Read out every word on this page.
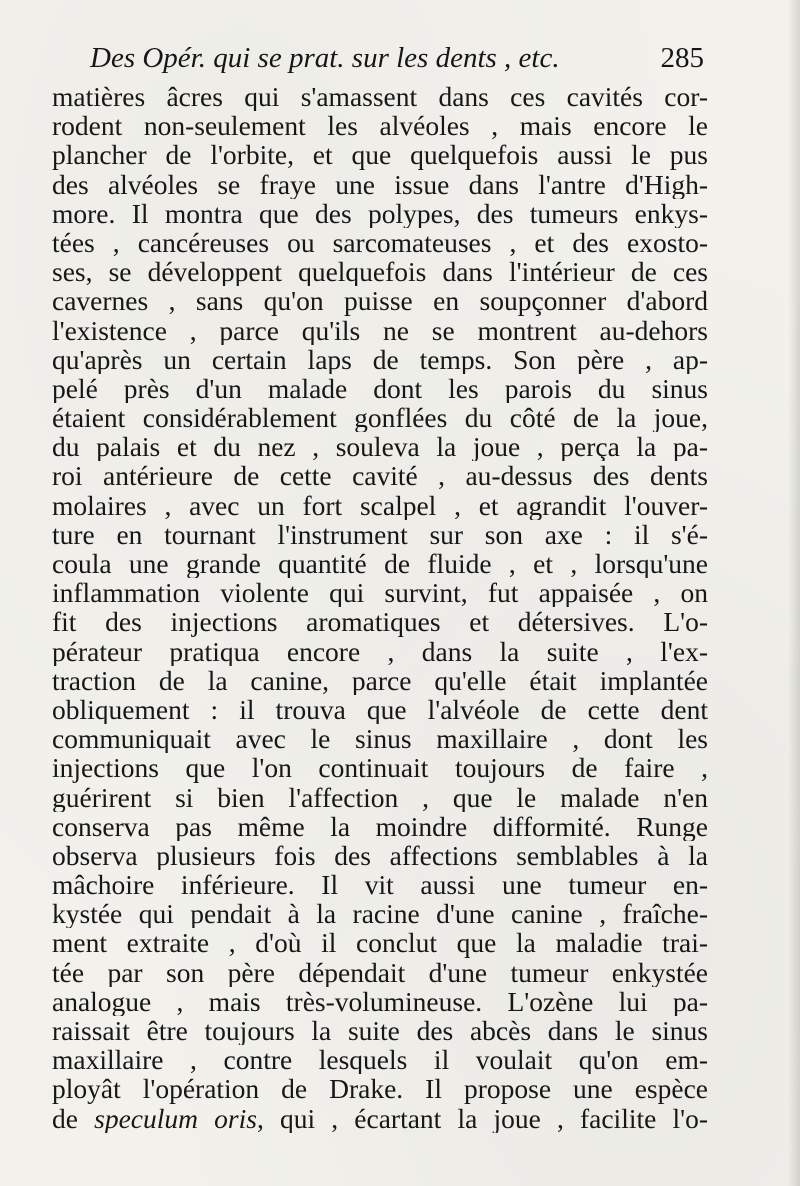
Des Opér. qui se prat. sur les dents , etc.	285
matières âcres qui s'amassent dans ces cavités cor-
rodent non-seulement les alvéoles , mais encore le
plancher de l'orbite, et que quelquefois aussi le pus
des alvéoles se fraye une issue dans l'antre d'High-
more. Il montra que des polypes, des tumeurs enkys-
tées , cancéreuses ou sarcomateuses , et des exosto-
ses, se développent quelquefois dans l'intérieur de ces
cavernes , sans qu'on puisse en soupçonner d'abord
l'existence , parce qu'ils ne se montrent au-dehors
qu'après un certain laps de temps. Son père , ap-
pelé près d'un malade dont les parois du sinus
étaient considérablement gonflées du côté de la joue,
du palais et du nez , souleva la joue , perça la pa-
roi antérieure de cette cavité , au-dessus des dents
molaires , avec un fort scalpel , et agrandit l'ouver-
ture en tournant l'instrument sur son axe : il s'é-
coula une grande quantité de fluide , et , lorsqu'une
inflammation violente qui survint, fut appaisée , on
fit des injections aromatiques et détersives. L'o-
pérateur pratiqua encore , dans la suite , l'ex-
traction de la canine, parce qu'elle était implantée
obliquement : il trouva que l'alvéole de cette dent
communiquait avec le sinus maxillaire , dont les
injections que l'on continuait toujours de faire ,
guérirent si bien l'affection , que le malade n'en
conserva pas même la moindre difformité. Runge
observa plusieurs fois des affections semblables à la
mâchoire inférieure. Il vit aussi une tumeur en-
kystée qui pendait à la racine d'une canine , fraîche-
ment extraite , d'où il conclut que la maladie trai-
tée par son père dépendait d'une tumeur enkystée
analogue , mais très-volumineuse. L'ozène lui pa-
raissait être toujours la suite des abcès dans le sinus
maxillaire , contre lesquels il voulait qu'on em-
ployât l'opération de Drake. Il propose une espèce
de speculum oris, qui , écartant la joue , facilite l'o-
